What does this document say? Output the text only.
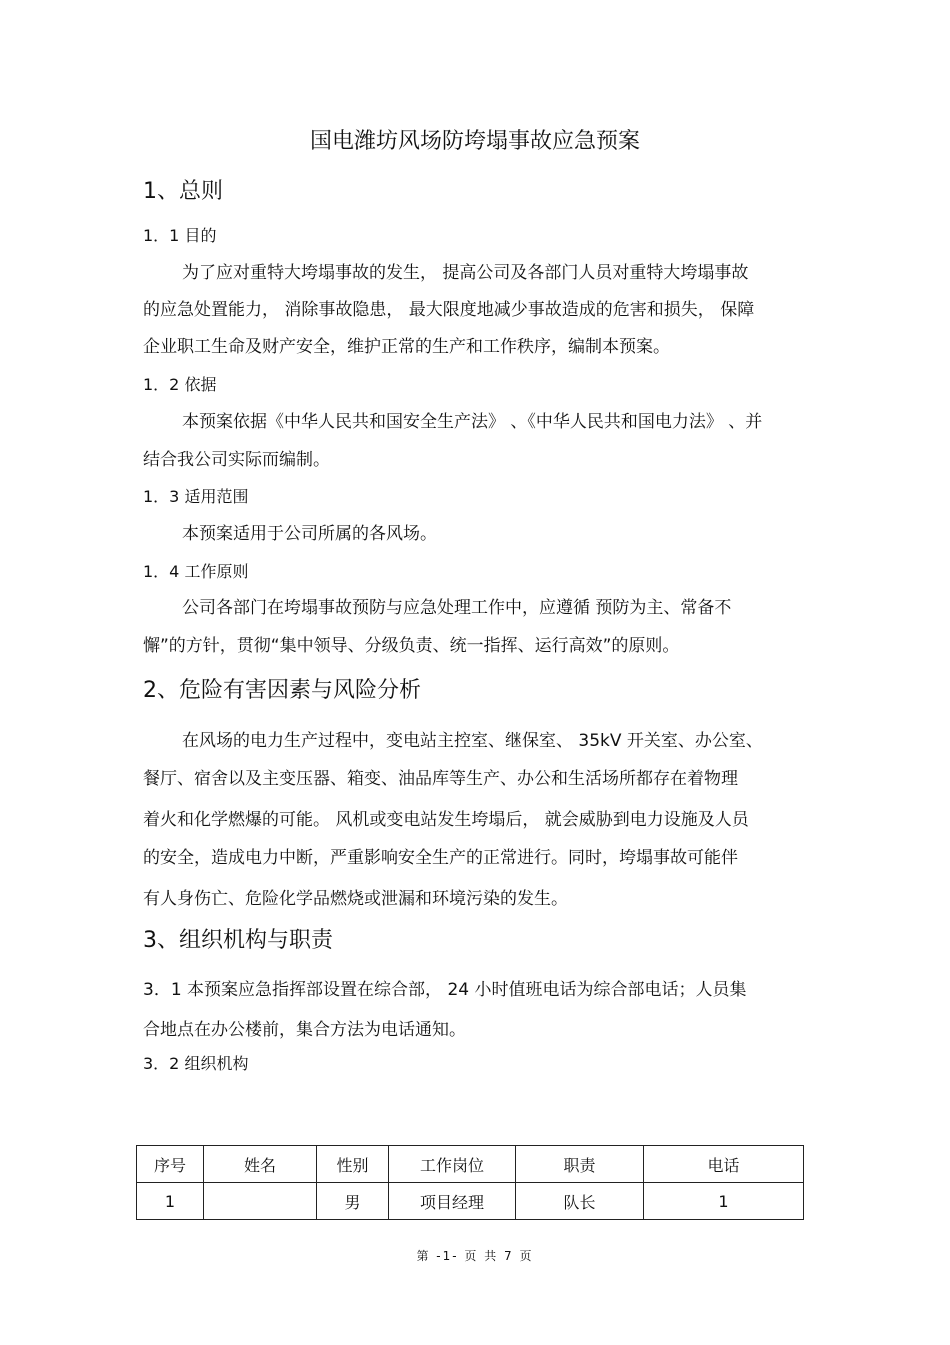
国电潍坊风场防垮塌事故应急预案
1、总则
1．1 目的
为了应对重特大垮塌事故的发生， 提高公司及各部门人员对重特大垮塌事故
的应急处置能力， 消除事故隐患， 最大限度地减少事故造成的危害和损失， 保障
企业职工生命及财产安全，维护正常的生产和工作秩序，编制本预案。
1．2 依据
本预案依据《中华人民共和国安全生产法》 、《中华人民共和国电力法》 、并
结合我公司实际而编制。
1．3 适用范围
本预案适用于公司所属的各风场。
1．4 工作原则
公司各部门在垮塌事故预防与应急处理工作中，应遵循 预防为主、常备不
懈”的方针，贯彻“集中领导、分级负责、统一指挥、运行高效”的原则。
2、危险有害因素与风险分析
在风场的电力生产过程中，变电站主控室、继保室、 35kV 开关室、办公室、
餐厅、宿舍以及主变压器、箱变、油品库等生产、办公和生活场所都存在着物理
着火和化学燃爆的可能。 风机或变电站发生垮塌后， 就会威胁到电力设施及人员
的安全，造成电力中断，严重影响安全生产的正常进行。同时，垮塌事故可能伴
有人身伤亡、危险化学品燃烧或泄漏和环境污染的发生。
3、组织机构与职责
3．1 本预案应急指挥部设置在综合部， 24 小时值班电话为综合部电话；人员集
合地点在办公楼前，集合方法为电话通知。
3．2 组织机构
序号	姓名	性别	工作岗位	职责	电话
1		男	项目经理	队长	1
第 -1- 页 共 7 页
